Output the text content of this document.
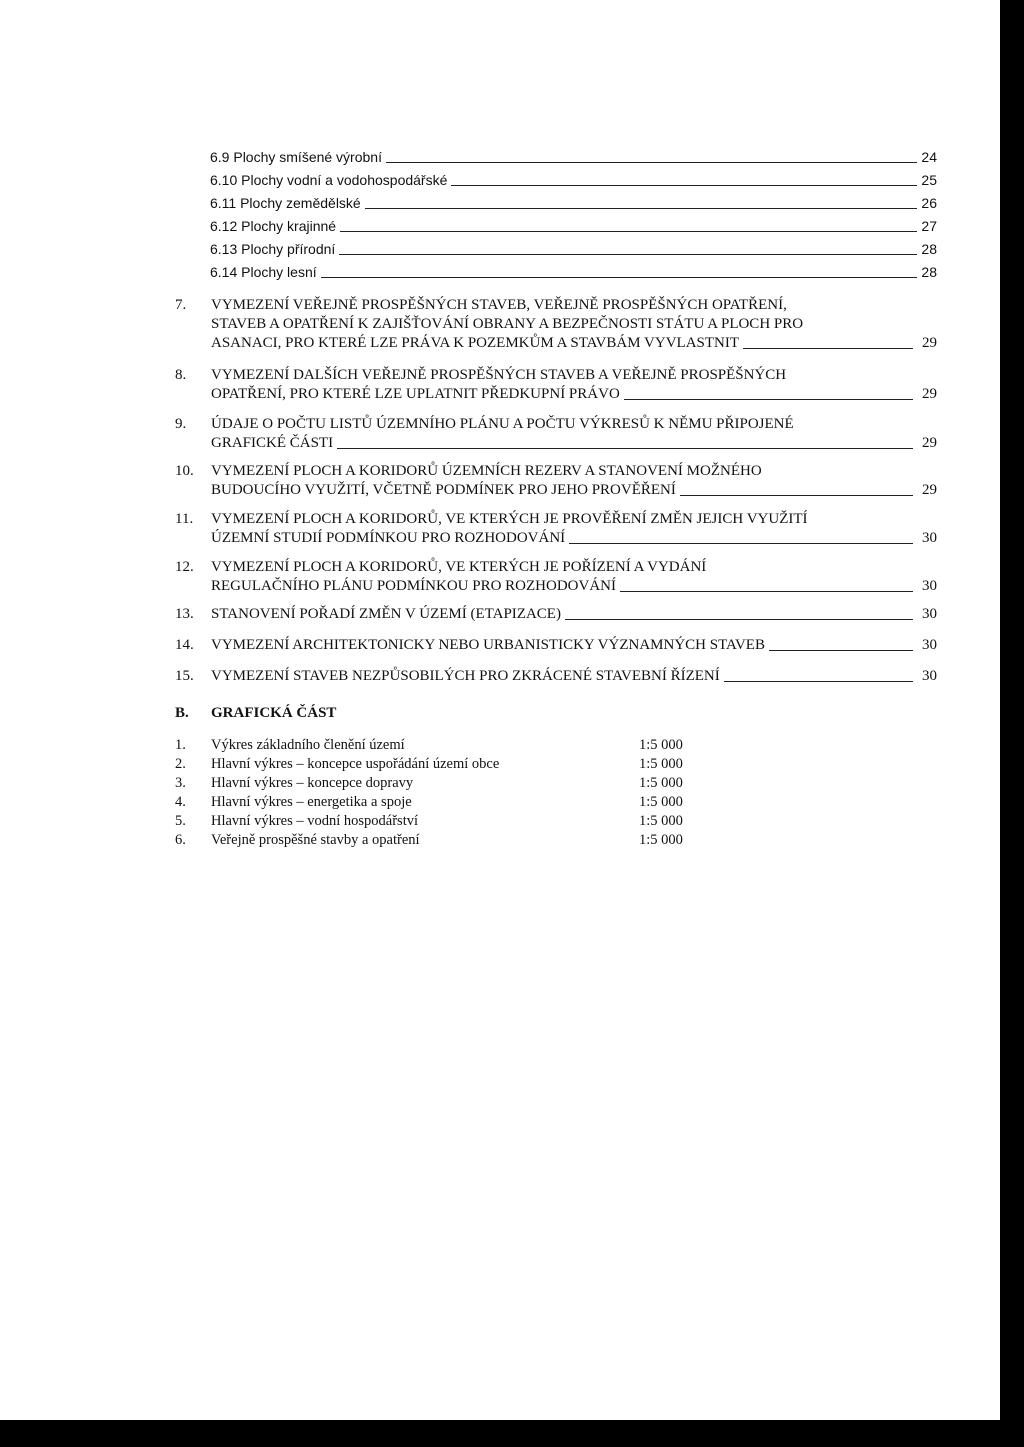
6.9 Plochy smíšené výrobní	24
6.10 Plochy vodní a vodohospodářské	25
6.11 Plochy zemědělské	26
6.12 Plochy krajinné	27
6.13 Plochy přírodní	28
6.14 Plochy lesní	28
7. VYMEZENÍ VEŘEJNĚ PROSPĚŠNÝCH STAVEB, VEŘEJNĚ PROSPĚŠNÝCH OPATŘENÍ,
STAVEB A OPATŘENÍ K ZAJIŠŤOVÁNÍ OBRANY A BEZPEČNOSTI STÁTU A PLOCH PRO
ASANACI, PRO KTERÉ LZE PRÁVA K POZEMKŮM A STAVBÁM VYVLASTNIT	29
8. VYMEZENÍ DALŠÍCH VEŘEJNĚ PROSPĚŠNÝCH STAVEB A VEŘEJNĚ PROSPĚŠNÝCH
OPATŘENÍ, PRO KTERÉ LZE UPLATNIT PŘEDKUPNÍ PRÁVO	29
9. ÚDAJE O POČTU LISTŮ ÚZEMNÍHO PLÁNU A POČTU VÝKRESŮ K NĚMU PŘIPOJENÉ
GRAFICKÉ ČÁSTI	29
10. VYMEZENÍ PLOCH A KORIDORŮ ÚZEMNÍCH REZERV A STANOVENÍ MOŽNÉHO
BUDOUCÍHO VYUŽITÍ, VČETNĚ PODMÍNEK PRO JEHO PROVĚŘENÍ	29
11. VYMEZENÍ PLOCH A KORIDORŮ, VE KTERÝCH JE PROVĚŘENÍ ZMĚN JEJICH VYUŽITÍ
ÚZEMNÍ STUDIÍ PODMÍNKOU PRO ROZHODOVÁNÍ	30
12. VYMEZENÍ PLOCH A KORIDORŮ, VE KTERÝCH JE POŘÍZENÍ A VYDÁNÍ
REGULAČNÍHO PLÁNU PODMÍNKOU PRO ROZHODOVÁNÍ	30
13. STANOVENÍ POŘADÍ ZMĚN V ÚZEMÍ (ETAPIZACE)	30
14. VYMEZENÍ ARCHITEKTONICKY NEBO URBANISTICKY VÝZNAMNÝCH STAVEB	30
15. VYMEZENÍ STAVEB NEZPŮSOBILÝCH PRO ZKRÁCENÉ STAVEBNÍ ŘÍZENÍ	30
B. GRAFICKÁ ČÁST
1. Výkres základního členění území	1:5 000
2. Hlavní výkres – koncepce uspořádání území obce	1:5 000
3. Hlavní výkres – koncepce dopravy	1:5 000
4. Hlavní výkres – energetika a spoje	1:5 000
5. Hlavní výkres – vodní hospodářství	1:5 000
6. Veřejně prospěšné stavby a opatření	1:5 000
